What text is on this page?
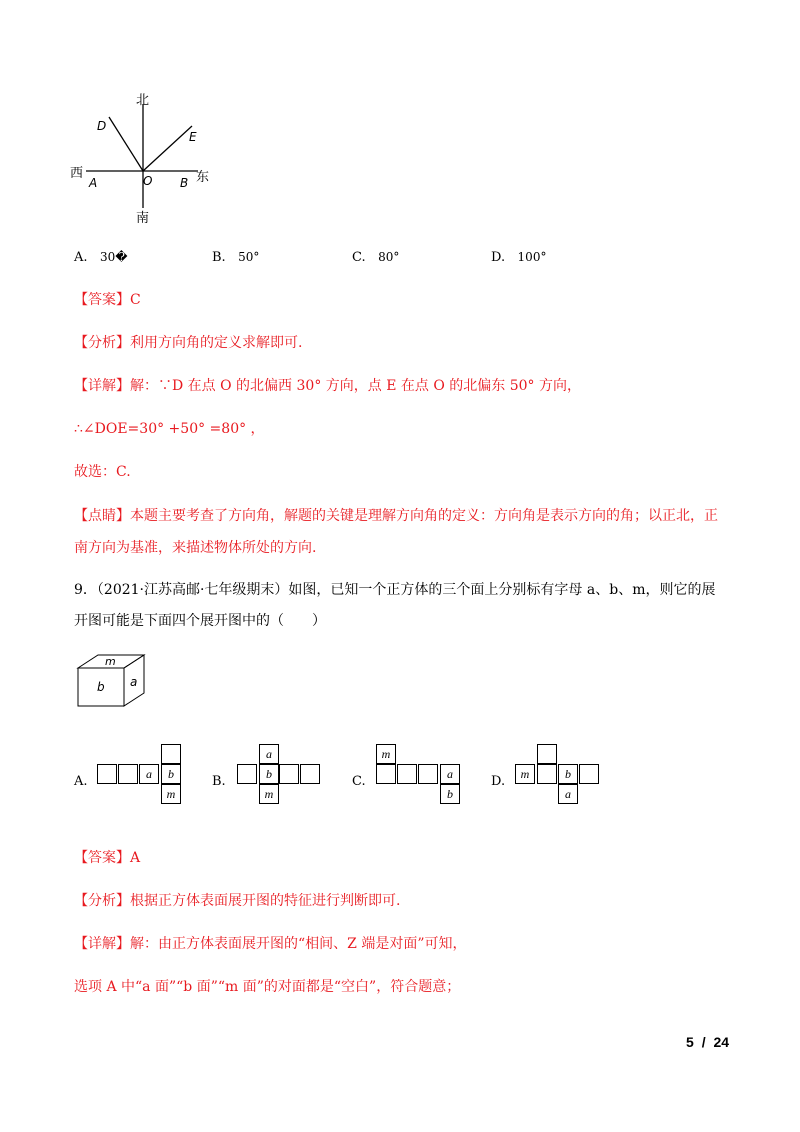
北
南
西	东
A	B
O
D
E
A. 30�	B. 50°	C. 80°	D. 100°
【答案】C
【分析】利用方向角的定义求解即可.
【详解】解：∵D 在点 O 的北偏西 30° 方向，点 E 在点 O 的北偏东 50° 方向，
∴∠DOE=30° +50° =80° ，
故选：C.
【点睛】本题主要考查了方向角，解题的关键是理解方向角的定义：方向角是表示方向的角；以正北，正
南方向为基准，来描述物体所处的方向.
9．（2021·江苏高邮·七年级期末）如图，已知一个正方体的三个面上分别标有字母 a、b、m，则它的展
开图可能是下面四个展开图中的（　　）
m
b a
A.
a	b
m
B.
a
b
m
C.
m
a
b
D.
m	b
a
【答案】A
【分析】根据正方体表面展开图的特征进行判断即可.
【详解】解：由正方体表面展开图的“相间、Z 端是对面”可知，
选项 A 中“a 面”“b 面”“m 面”的对面都是“空白”，符合题意；
5 / 24
